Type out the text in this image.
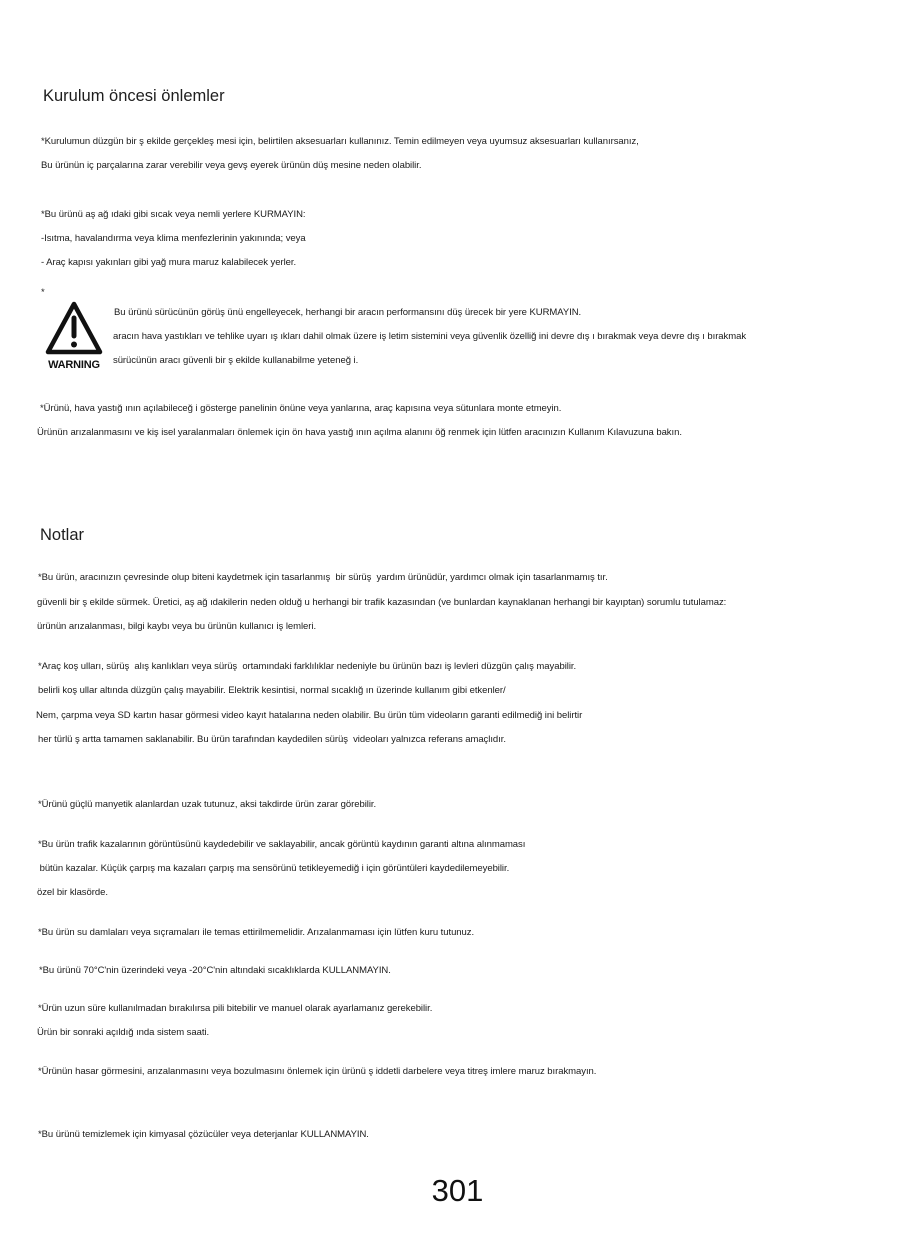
Kurulum öncesi önlemler
*Kurulumun düzgün bir ş ekilde gerçekleş mesi için, belirtilen aksesuarları kullanınız. Temin edilmeyen veya uyumsuz aksesuarları kullanırsanız,
Bu ürünün iç parçalarına zarar verebilir veya gevş eyerek ürünün düş mesine neden olabilir.
*Bu ürünü aş ağ ıdaki gibi sıcak veya nemli yerlere KURMAYIN:
-Isıtma, havalandırma veya klima menfezlerinin yakınında; veya
- Araç kapısı yakınları gibi yağ mura maruz kalabilecek yerler.
*
WARNING
Bu ürünü sürücünün görüş ünü engelleyecek, herhangi bir aracın performansını düş ürecek bir yere KURMAYIN.
aracın hava yastıkları ve tehlike uyarı ış ıkları dahil olmak üzere iş letim sistemini veya güvenlik özelliğ ini devre dış ı bırakmak veya devre dış ı bırakmak
sürücünün aracı güvenli bir ş ekilde kullanabilme yeteneğ i.
*Ürünü, hava yastığ ının açılabileceğ i gösterge panelinin önüne veya yanlarına, araç kapısına veya sütunlara monte etmeyin.
Ürünün arızalanmasını ve kiş isel yaralanmaları önlemek için ön hava yastığ ının açılma alanını öğ renmek için lütfen aracınızın Kullanım Kılavuzuna bakın.
Notlar
*Bu ürün, aracınızın çevresinde olup biteni kaydetmek için tasarlanmış  bir sürüş  yardım ürünüdür, yardımcı olmak için tasarlanmamış tır.
güvenli bir ş ekilde sürmek. Üretici, aş ağ ıdakilerin neden olduğ u herhangi bir trafik kazasından (ve bunlardan kaynaklanan herhangi bir kayıptan) sorumlu tutulamaz:
ürünün arızalanması, bilgi kaybı veya bu ürünün kullanıcı iş lemleri.
*Araç koş ulları, sürüş  alış kanlıkları veya sürüş  ortamındaki farklılıklar nedeniyle bu ürünün bazı iş levleri düzgün çalış mayabilir.
belirli koş ullar altında düzgün çalış mayabilir. Elektrik kesintisi, normal sıcaklığ ın üzerinde kullanım gibi etkenler/
Nem, çarpma veya SD kartın hasar görmesi video kayıt hatalarına neden olabilir. Bu ürün tüm videoların garanti edilmediğ ini belirtir
her türlü ş artta tamamen saklanabilir. Bu ürün tarafından kaydedilen sürüş  videoları yalnızca referans amaçlıdır.
*Ürünü güçlü manyetik alanlardan uzak tutunuz, aksi takdirde ürün zarar görebilir.
*Bu ürün trafik kazalarının görüntüsünü kaydedebilir ve saklayabilir, ancak görüntü kaydının garanti altına alınmaması
bütün kazalar. Küçük çarpış ma kazaları çarpış ma sensörünü tetikleyemediğ i için görüntüleri kaydedilemeyebilir.
özel bir klasörde.
*Bu ürün su damlaları veya sıçramaları ile temas ettirilmemelidir. Arızalanmaması için lütfen kuru tutunuz.
*Bu ürünü 70°C'nin üzerindeki veya -20°C'nin altındaki sıcaklıklarda KULLANMAYIN.
*Ürün uzun süre kullanılmadan bırakılırsa pili bitebilir ve manuel olarak ayarlamanız gerekebilir.
Ürün bir sonraki açıldığ ında sistem saati.
*Ürünün hasar görmesini, arızalanmasını veya bozulmasını önlemek için ürünü ş iddetli darbelere veya titreş imlere maruz bırakmayın.
*Bu ürünü temizlemek için kimyasal çözücüler veya deterjanlar KULLANMAYIN.
301
